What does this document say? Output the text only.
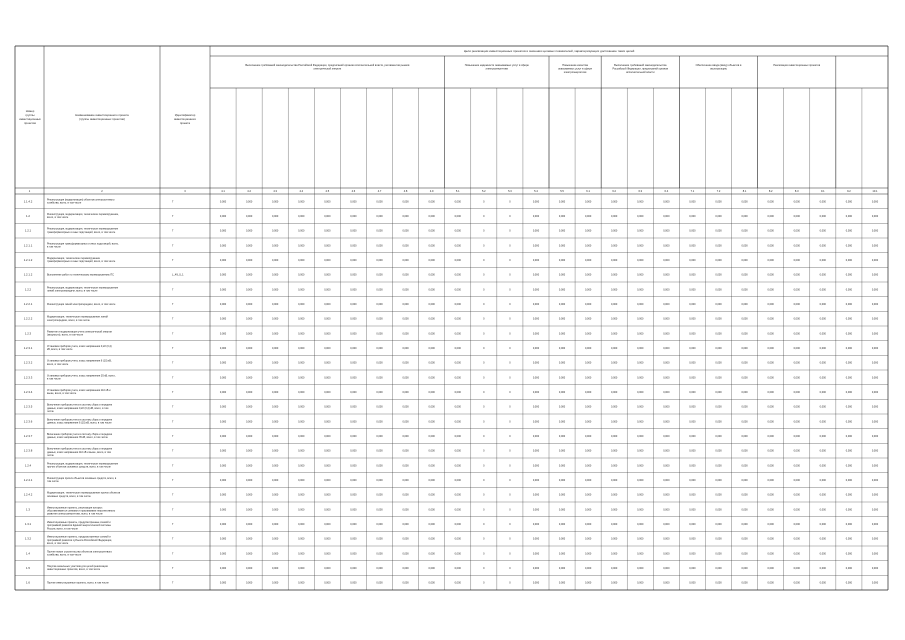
Номер
группы
инвестиционных
проектов
Наименование инвестиционного проекта
(группы инвестиционных проектов)
Идентификатор
инвестиционного
проекта
Цели реализации инвестиционных проектов и значения целевых показателей, характеризующих достижение таких целей
Выполнение требований законодательства Российской Федерации, предписаний органов исполнительной власти, регламентов рынков
электрической энергии
Повышение надежности оказываемых услуг в сфере
электроэнергетики
Повышение качества
оказываемых услуг в сфере
электроэнергетики
Выполнение требований законодательства
Российской Федерации, предписаний органов
исполнительной власти
Обеспечение ввода (ввод) объектов в
эксплуатацию
Реализация инвестиционных проектов
1	2	3	4.1	4.2	4.3	4.4	4.5	4.6	4.7	4.8	4.9	5.1	5.2	5.3	5.4	5.5	6.1	6.2	6.3	6.4	7.1	7.2	8.1	8.2	8.3	9.1	9.2	10.1
1.1.4.2	Реконструкция (модернизация) объектов электросетевого
хозяйства, всего, в том числе	Г	0,000	0,000	0,000	0,000	0,000	0,000	0,000	0,000	0,000	0,000	0	0	0,000	0,000	0,000	0,000	0,000	0,000	0,000	0,000	0,000	0,000	0,000	0,000	0,000	0,000
1.2	Реконструкция, модернизация, техническое перевооружение,
всего, в том числе	Г	0,000	0,000	0,000	0,000	0,000	0,000	0,000	0,000	0,000	0,000	0	0	0,000	0,000	0,000	0,000	0,000	0,000	0,000	0,000	0,000	0,000	0,000	0,000	0,000	0,000
1.2.1	Реконструкция, модернизация, техническое перевооружение
трансформаторных и иных подстанций, всего, в том числе	Г	0,000	0,000	0,000	0,000	0,000	0,000	0,000	0,000	0,000	0,000	0	0	0,000	0,000	0,000	0,000	0,000	0,000	0,000	0,000	0,000	0,000	0,000	0,000	0,000	0,000
1.2.1.1	Реконструкция трансформаторных и иных подстанций, всего,
в том числе	Г	0,000	0,000	0,000	0,000	0,000	0,000	0,000	0,000	0,000	0,000	0	0	0,000	0,000	0,000	0,000	0,000	0,000	0,000	0,000	0,000	0,000	0,000	0,000	0,000	0,000
1.2.1.2	Модернизация, техническое перевооружение
трансформаторных и иных подстанций, всего, в том числе	Г	0,000	0,000	0,000	0,000	0,000	0,000	0,000	0,000	0,000	0,000	0	0	0,000	0,000	0,000	0,000	0,000	0,000	0,000	0,000	0,000	0,000	0,000	0,000	0,000	0,000
1.2.1.2	Выполнение работ по техническому перевооружению ПС	L_49_0_1	0,000	0,000	0,000	0,000	0,000	0,000	0,000	0,000	0,000	0,000	0	0	0,000	0,000	0,000	0,000	0,000	0,000	0,000	0,000	0,000	0,000	0,000	0,000	0,000	0,000
1.2.2	Реконструкция, модернизация, техническое перевооружение
линий электропередачи, всего, в том числе	Г	0,000	0,000	0,000	0,000	0,000	0,000	0,000	0,000	0,000	0,000	0	0	0,000	0,000	0,000	0,000	0,000	0,000	0,000	0,000	0,000	0,000	0,000	0,000	0,000	0,000
1.2.2.1	Реконструкция линий электропередачи, всего, в том числе	Г	0,000	0,000	0,000	0,000	0,000	0,000	0,000	0,000	0,000	0,000	0	0	0,000	0,000	0,000	0,000	0,000	0,000	0,000	0,000	0,000	0,000	0,000	0,000	0,000	0,000
1.2.2.2	Модернизация, техническое перевооружение линий
электропередачи, всего, в том числе	Г	0,000	0,000	0,000	0,000	0,000	0,000	0,000	0,000	0,000	0,000	0	0	0,000	0,000	0,000	0,000	0,000	0,000	0,000	0,000	0,000	0,000	0,000	0,000	0,000	0,000
1.2.3	Развитие и модернизация учета электрической энергии
(мощности), всего, в том числе	Г	0,000	0,000	0,000	0,000	0,000	0,000	0,000	0,000	0,000	0,000	0	0	0,000	0,000	0,000	0,000	0,000	0,000	0,000	0,000	0,000	0,000	0,000	0,000	0,000	0,000
1.2.3.1	Установка приборов учета, класс напряжения 0,22 (0,4)
кВ, всего, в том числе	Г	0,000	0,000	0,000	0,000	0,000	0,000	0,000	0,000	0,000	0,000	0	0	0,000	0,000	0,000	0,000	0,000	0,000	0,000	0,000	0,000	0,000	0,000	0,000	0,000	0,000
1.2.3.2	Установка приборов учета, класс напряжения 6 (10) кВ,
всего, в том числе	Г	0,000	0,000	0,000	0,000	0,000	0,000	0,000	0,000	0,000	0,000	0	0	0,000	0,000	0,000	0,000	0,000	0,000	0,000	0,000	0,000	0,000	0,000	0,000	0,000	0,000
1.2.3.3	Установка приборов учета, класс напряжения 35 кВ, всего,
в том числе	Г	0,000	0,000	0,000	0,000	0,000	0,000	0,000	0,000	0,000	0,000	0	0	0,000	0,000	0,000	0,000	0,000	0,000	0,000	0,000	0,000	0,000	0,000	0,000	0,000	0,000
1.2.3.4	Установка приборов учета, класс напряжения 110 кВ и
выше, всего, в том числе	Г	0,000	0,000	0,000	0,000	0,000	0,000	0,000	0,000	0,000	0,000	0	0	0,000	0,000	0,000	0,000	0,000	0,000	0,000	0,000	0,000	0,000	0,000	0,000	0,000	0,000
1.2.3.5	Включение приборов учета в систему сбора и передачи
данных, класс напряжения 0,22 (0,4) кВ, всего, в том
числе
Г	0,000	0,000	0,000	0,000	0,000	0,000	0,000	0,000	0,000	0,000	0	0	0,000	0,000	0,000	0,000	0,000	0,000	0,000	0,000	0,000	0,000	0,000	0,000	0,000	0,000
1.2.3.6	Включение приборов учета в систему сбора и передачи
данных, класс напряжения 6 (10) кВ, всего, в том числе	Г	0,000	0,000	0,000	0,000	0,000	0,000	0,000	0,000	0,000	0,000	0	0	0,000	0,000	0,000	0,000	0,000	0,000	0,000	0,000	0,000	0,000	0,000	0,000	0,000	0,000
1.2.3.7	Включение приборов учета в систему сбора и передачи
данных, класс напряжения 35 кВ, всего, в том числе	Г	0,000	0,000	0,000	0,000	0,000	0,000	0,000	0,000	0,000	0,000	0	0	0,000	0,000	0,000	0,000	0,000	0,000	0,000	0,000	0,000	0,000	0,000	0,000	0,000	0,000
1.2.3.8	Включение приборов учета в систему сбора и передачи
данных, класс напряжения 110 кВ и выше, всего, в том
числе
Г	0,000	0,000	0,000	0,000	0,000	0,000	0,000	0,000	0,000	0,000	0	0	0,000	0,000	0,000	0,000	0,000	0,000	0,000	0,000	0,000	0,000	0,000	0,000	0,000	0,000
1.2.4	Реконструкция, модернизация, техническое перевооружение
прочих объектов основных средств, всего, в том числе	Г	0,000	0,000	0,000	0,000	0,000	0,000	0,000	0,000	0,000	0,000	0	0	0,000	0,000	0,000	0,000	0,000	0,000	0,000	0,000	0,000	0,000	0,000	0,000	0,000	0,000
1.2.4.1	Реконструкция прочих объектов основных средств, всего, в
том числе	Г	0,000	0,000	0,000	0,000	0,000	0,000	0,000	0,000	0,000	0,000	0	0	0,000	0,000	0,000	0,000	0,000	0,000	0,000	0,000	0,000	0,000	0,000	0,000	0,000	0,000
1.2.4.2	Модернизация, техническое перевооружение прочих объектов
основных средств, всего, в том числе	Г	0,000	0,000	0,000	0,000	0,000	0,000	0,000	0,000	0,000	0,000	0	0	0,000	0,000	0,000	0,000	0,000	0,000	0,000	0,000	0,000	0,000	0,000	0,000	0,000	0,000
1.3	Инвестиционные проекты, реализация которых
обуславливается схемами и программами перспективного
развития электроэнергетики, всего, в том числе
Г	0,000	0,000	0,000	0,000	0,000	0,000	0,000	0,000	0,000	0,000	0	0	0,000	0,000	0,000	0,000	0,000	0,000	0,000	0,000	0,000	0,000	0,000	0,000	0,000	0,000
1.3.1	Инвестиционные проекты, предусмотренные схемой и
программой развития Единой энергетической системы
России, всего, в том числе
Г	0,000	0,000	0,000	0,000	0,000	0,000	0,000	0,000	0,000	0,000	0	0	0,000	0,000	0,000	0,000	0,000	0,000	0,000	0,000	0,000	0,000	0,000	0,000	0,000	0,000
1.3.2	Инвестиционные проекты, предусмотренные схемой и
программой развития субъекта Российской Федерации,
всего, в том числе
Г	0,000	0,000	0,000	0,000	0,000	0,000	0,000	0,000	0,000	0,000	0	0	0,000	0,000	0,000	0,000	0,000	0,000	0,000	0,000	0,000	0,000	0,000	0,000	0,000	0,000
1.4	Прочее новое строительство объектов электросетевого
хозяйства, всего, в том числе	Г	0,000	0,000	0,000	0,000	0,000	0,000	0,000	0,000	0,000	0,000	0	0	0,000	0,000	0,000	0,000	0,000	0,000	0,000	0,000	0,000	0,000	0,000	0,000	0,000	0,000
1.5	Покупка земельных участков для целей реализации
инвестиционных проектов, всего, в том числе	Г	0,000	0,000	0,000	0,000	0,000	0,000	0,000	0,000	0,000	0,000	0	0	0,000	0,000	0,000	0,000	0,000	0,000	0,000	0,000	0,000	0,000	0,000	0,000	0,000	0,000
1.6	Прочие инвестиционные проекты, всего, в том числе	Г	0,000	0,000	0,000	0,000	0,000	0,000	0,000	0,000	0,000	0,000	0	0	0,000	0,000	0,000	0,000	0,000	0,000	0,000	0,000	0,000	0,000	0,000	0,000	0,000	0,000
